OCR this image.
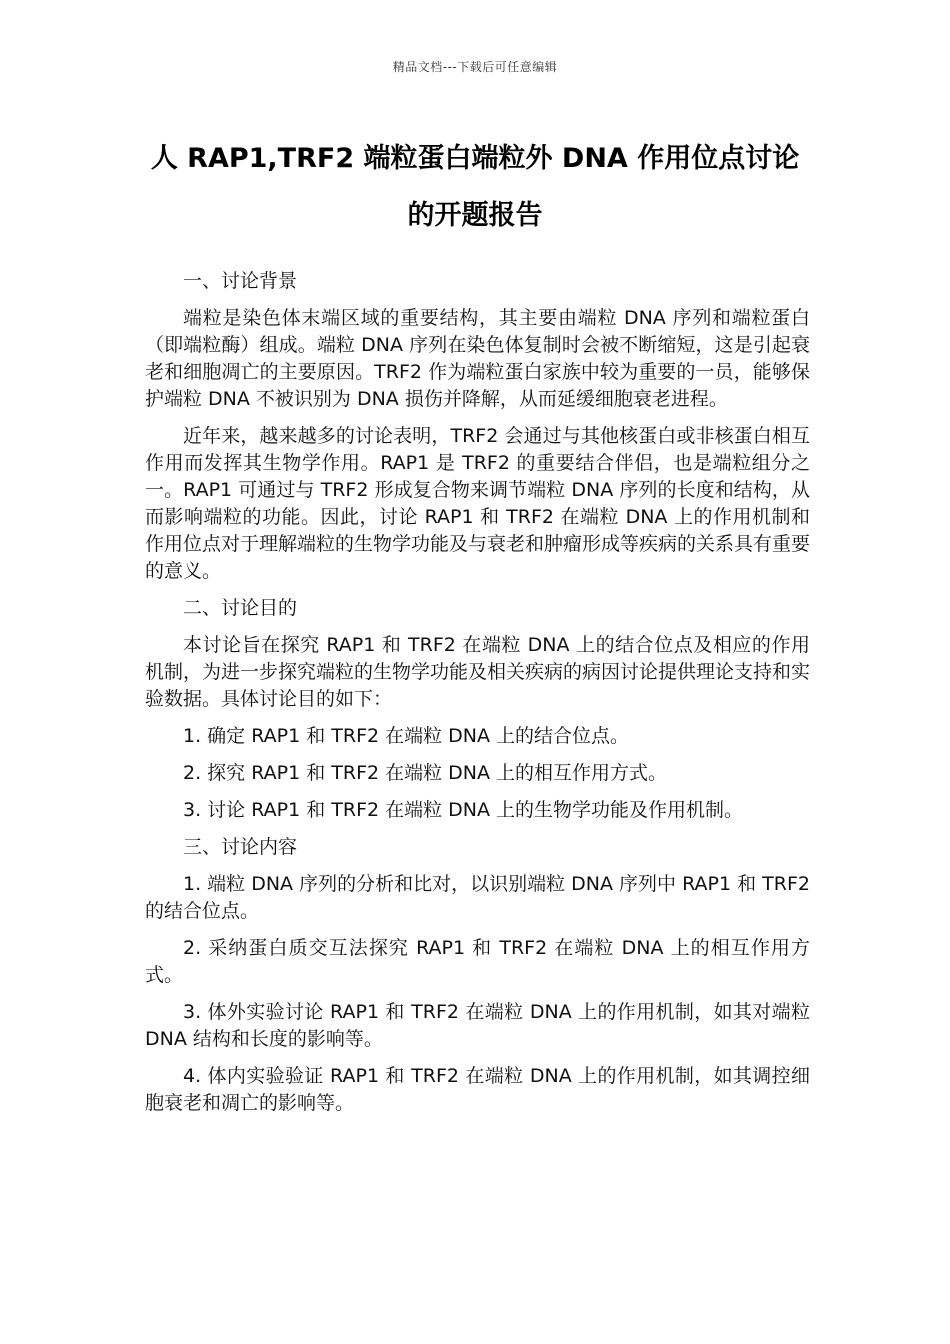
精品文档---下载后可任意编辑
人 RAP1,TRF2 端粒蛋白端粒外 DNA 作用位点讨论
的开题报告

一、讨论背景

端粒是染色体末端区域的重要结构，其主要由端粒 DNA 序列和端粒蛋白（即端粒酶）组成。端粒 DNA 序列在染色体复制时会被不断缩短，这是引起衰老和细胞凋亡的主要原因。TRF2 作为端粒蛋白家族中较为重要的一员，能够保护端粒 DNA 不被识别为 DNA 损伤并降解，从而延缓细胞衰老进程。

近年来，越来越多的讨论表明，TRF2 会通过与其他核蛋白或非核蛋白相互作用而发挥其生物学作用。RAP1 是 TRF2 的重要结合伴侣，也是端粒组分之一。RAP1 可通过与 TRF2 形成复合物来调节端粒 DNA 序列的长度和结构，从而影响端粒的功能。因此，讨论 RAP1 和 TRF2 在端粒 DNA 上的作用机制和作用位点对于理解端粒的生物学功能及与衰老和肿瘤形成等疾病的关系具有重要的意义。

二、讨论目的

本讨论旨在探究 RAP1 和 TRF2 在端粒 DNA 上的结合位点及相应的作用机制，为进一步探究端粒的生物学功能及相关疾病的病因讨论提供理论支持和实验数据。具体讨论目的如下：

1. 确定 RAP1 和 TRF2 在端粒 DNA 上的结合位点。

2. 探究 RAP1 和 TRF2 在端粒 DNA 上的相互作用方式。

3. 讨论 RAP1 和 TRF2 在端粒 DNA 上的生物学功能及作用机制。

三、讨论内容

1. 端粒 DNA 序列的分析和比对，以识别端粒 DNA 序列中 RAP1 和 TRF2 的结合位点。

2. 采纳蛋白质交互法探究 RAP1 和 TRF2 在端粒 DNA 上的相互作用方式。

3. 体外实验讨论 RAP1 和 TRF2 在端粒 DNA 上的作用机制，如其对端粒 DNA 结构和长度的影响等。

4. 体内实验验证 RAP1 和 TRF2 在端粒 DNA 上的作用机制，如其调控细胞衰老和凋亡的影响等。
